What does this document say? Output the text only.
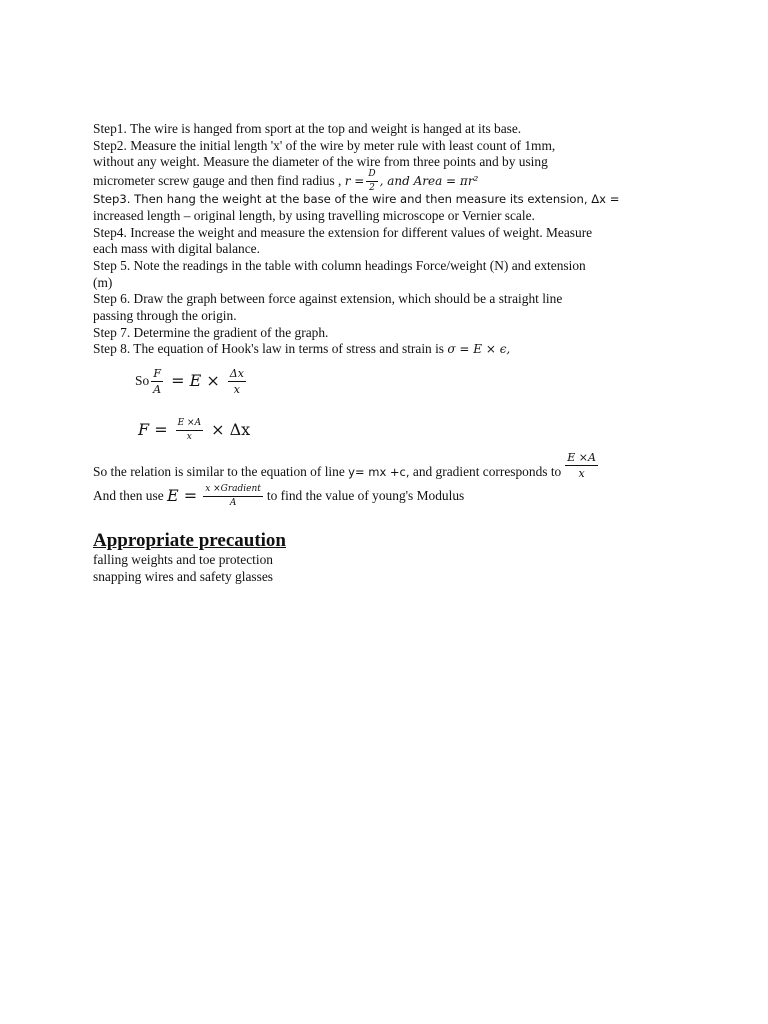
Step1. The wire is hanged from sport at the top and weight is hanged at its base.
Step2. Measure the initial length 'x' of the wire by meter rule with least count of 1mm,
without any weight. Measure the diameter of the wire from three points and by using
micrometer screw gauge and then find radius ,
$r = \frac{D}{2}$ , and Area = πr²
Step3. Then hang the weight at the base of the wire and then measure its extension, Δx =
increased length – original length, by using travelling microscope or Vernier scale.
Step4. Increase the weight and measure the extension for different values of weight. Measure
each mass with digital balance.
Step 5. Note the readings in the table with column headings Force/weight (N) and extension
(m)
Step 6. Draw the graph between force against extension, which should be a straight line
passing through the origin.
Step 7. Determine the gradient of the graph.
Step 8. The equation of Hook's law in terms of stress and strain is σ = E × ϵ,
So $\frac{F}{A} = E \times \frac{\Delta x}{x}$
$F = \frac{E \times A}{x} \times \Delta x$
So the relation is similar to the equation of line
y= mx +c,
and gradient corresponds to $\frac{E \times A}{x}$
And then use
$E = \frac{\text{x ×Gradient}}{A}$ to find the value of young's Modulus
Appropriate precaution
falling weights and toe protection
snapping wires and safety glasses
